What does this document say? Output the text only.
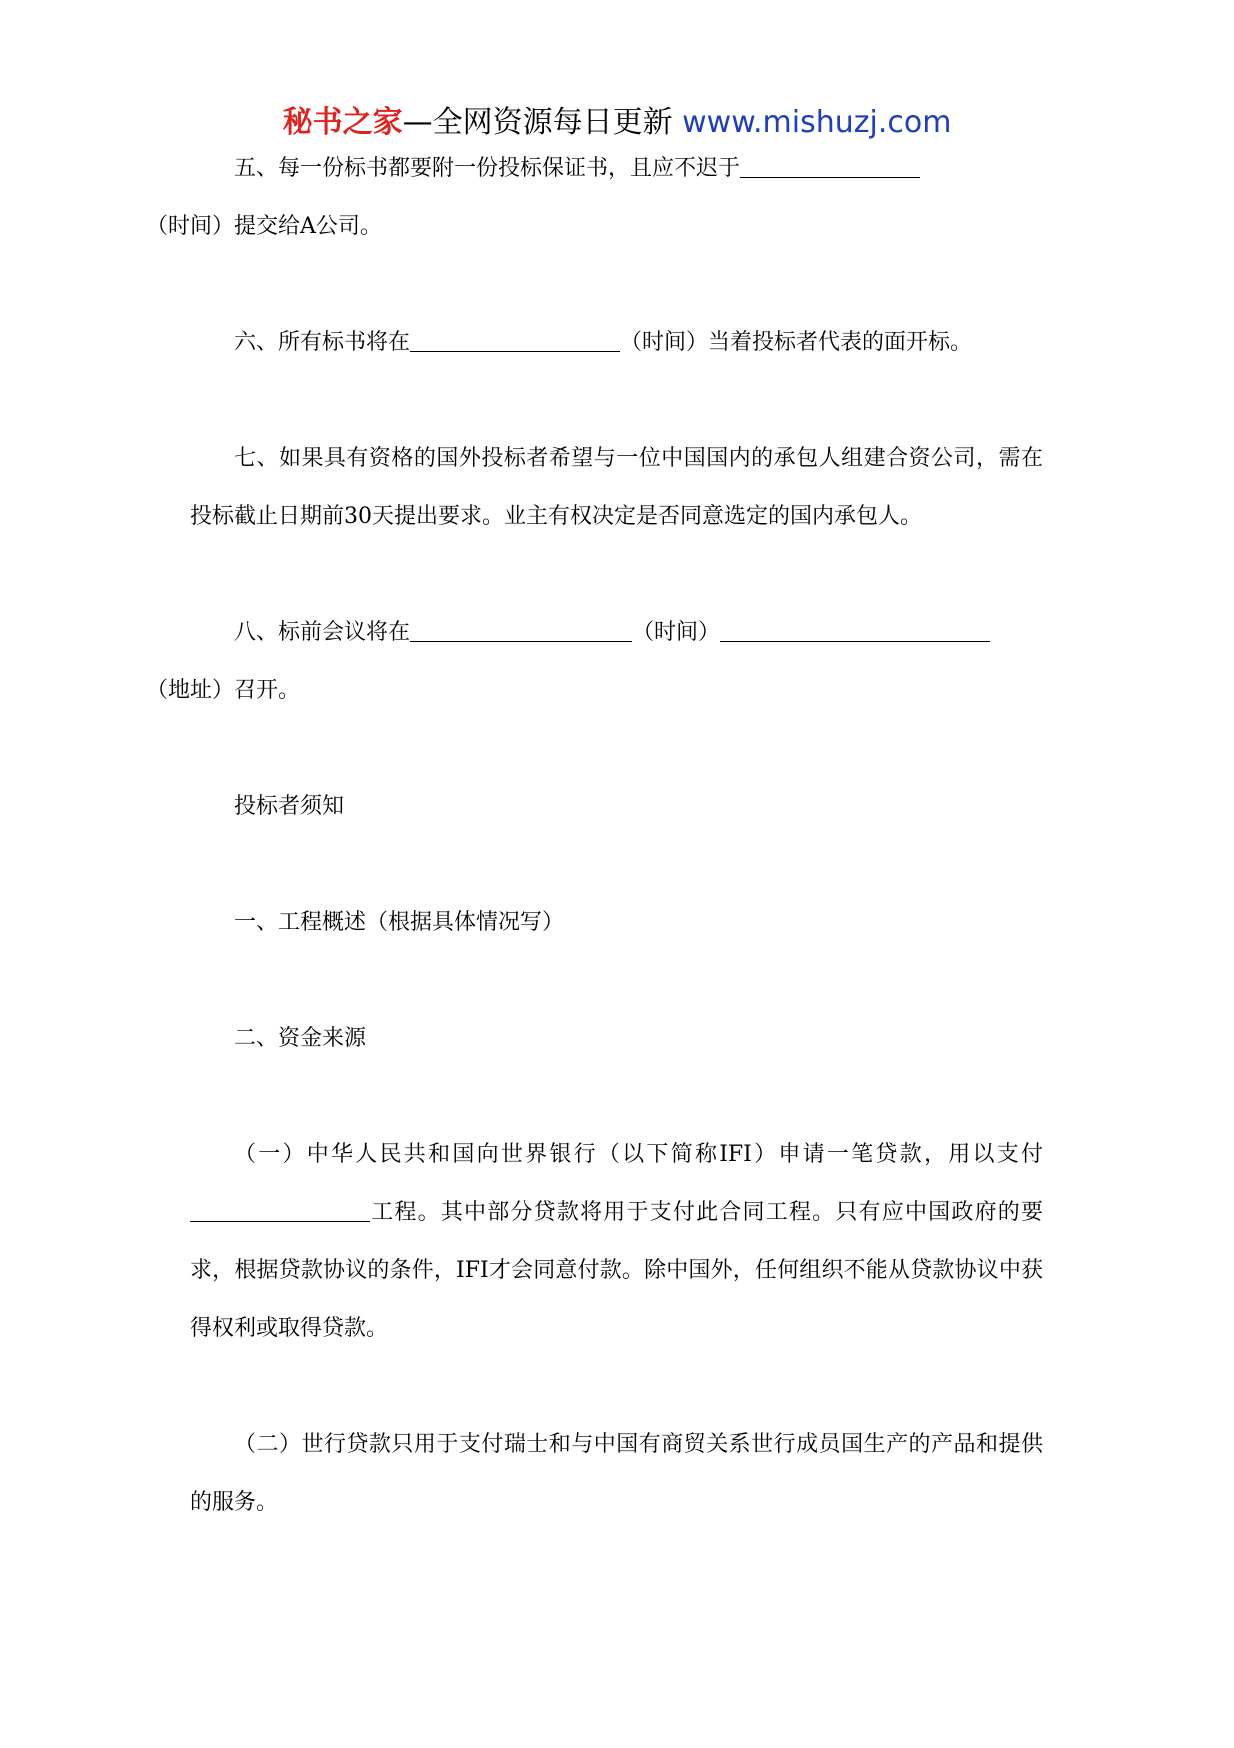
秘书之家—全网资源每日更新 www.mishuzj.com

五、每一份标书都要附一份投标保证书，且应不迟于
（时间）提交给A公司。

六、所有标书将在	（时间）当着投标者代表的面开标。

七、如果具有资格的国外投标者希望与一位中国国内的承包人组建合资公司，需在投标截止日期前30天提出要求。业主有权决定是否同意选定的国内承包人。

八、标前会议将在	（时间）
（地址）召开。

投标者须知

一、工程概述（根据具体情况写）

二、资金来源

（一）中华人民共和国向世界银行（以下简称IFI）申请一笔贷款，用以支付工程。其中部分贷款将用于支付此合同工程。只有应中国政府的要求，根据贷款协议的条件，IFI才会同意付款。除中国外，任何组织不能从贷款协议中获得权利或取得贷款。

（二）世行贷款只用于支付瑞士和与中国有商贸关系世行成员国生产的产品和提供的服务。
